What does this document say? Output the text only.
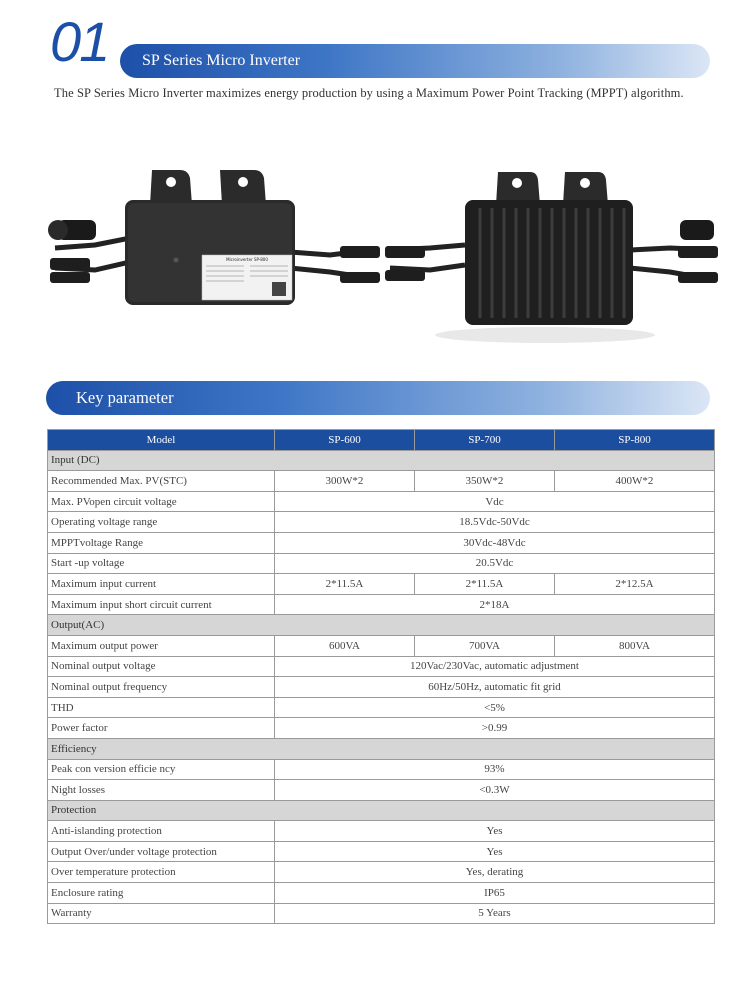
01 SP Series Micro Inverter
The SP Series Micro Inverter maximizes energy production by using a Maximum Power Point Tracking (MPPT) algorithm.
Microinverter SP-800
Key parameter
Model	SP-600	SP-700	SP-800
Input (DC)			
Recommended Max. PV(STC)	300W*2	350W*2	400W*2
Max. PVopen circuit voltage	Vdc		
Operating voltage range	18.5Vdc-50Vdc		
MPPTvoltage Range	30Vdc-48Vdc		
Start -up voltage	20.5Vdc		
Maximum input current	2*11.5A	2*11.5A	2*12.5A
Maximum input short circuit current	2*18A		
Output(AC)			
Maximum output power	600VA	700VA	800VA
Nominal output voltage	120Vac/230Vac, automatic adjustment		
Nominal output frequency	60Hz/50Hz, automatic fit grid		
THD	<5%		
Power factor	>0.99		
Efficiency			
Peak con version efficie ncy	93%		
Night losses	<0.3W		
Protection			
Anti-islanding protection	Yes		
Output Over/under voltage protection	Yes		
Over temperature protection	Yes, derating		
Enclosure rating	IP65		
Warranty	5 Years		
